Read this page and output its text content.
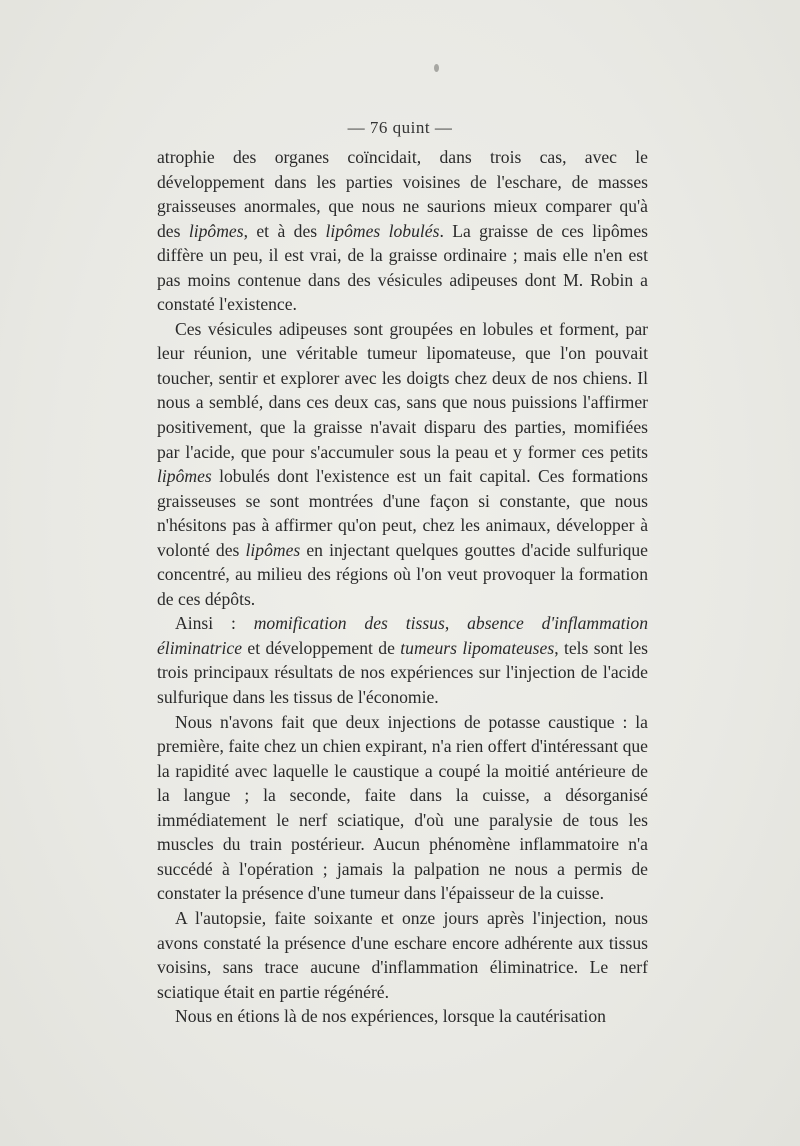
— 76 quint —

atrophie des organes coïncidait, dans trois cas, avec le développement dans les parties voisines de l'eschare, de masses graisseuses anormales, que nous ne saurions mieux comparer qu'à des lipômes, et à des lipômes lobulés. La graisse de ces lipômes diffère un peu, il est vrai, de la graisse ordinaire ; mais elle n'en est pas moins contenue dans des vésicules adipeuses dont M. Robin a constaté l'existence.

Ces vésicules adipeuses sont groupées en lobules et forment, par leur réunion, une véritable tumeur lipomateuse, que l'on pouvait toucher, sentir et explorer avec les doigts chez deux de nos chiens. Il nous a semblé, dans ces deux cas, sans que nous puissions l'affirmer positivement, que la graisse n'avait disparu des parties, momifiées par l'acide, que pour s'accumuler sous la peau et y former ces petits lipômes lobulés dont l'existence est un fait capital. Ces formations graisseuses se sont montrées d'une façon si constante, que nous n'hésitons pas à affirmer qu'on peut, chez les animaux, développer à volonté des lipômes en injectant quelques gouttes d'acide sulfurique concentré, au milieu des régions où l'on veut provoquer la formation de ces dépôts.

Ainsi : momification des tissus, absence d'inflammation éliminatrice et développement de tumeurs lipomateuses, tels sont les trois principaux résultats de nos expériences sur l'injection de l'acide sulfurique dans les tissus de l'économie.

Nous n'avons fait que deux injections de potasse caustique : la première, faite chez un chien expirant, n'a rien offert d'intéressant que la rapidité avec laquelle le caustique a coupé la moitié antérieure de la langue ; la seconde, faite dans la cuisse, a désorganisé immédiatement le nerf sciatique, d'où une paralysie de tous les muscles du train postérieur. Aucun phénomène inflammatoire n'a succédé à l'opération ; jamais la palpation ne nous a permis de constater la présence d'une tumeur dans l'épaisseur de la cuisse.

A l'autopsie, faite soixante et onze jours après l'injection, nous avons constaté la présence d'une eschare encore adhérente aux tissus voisins, sans trace aucune d'inflammation éliminatrice. Le nerf sciatique était en partie régénéré.

Nous en étions là de nos expériences, lorsque la cautérisation
